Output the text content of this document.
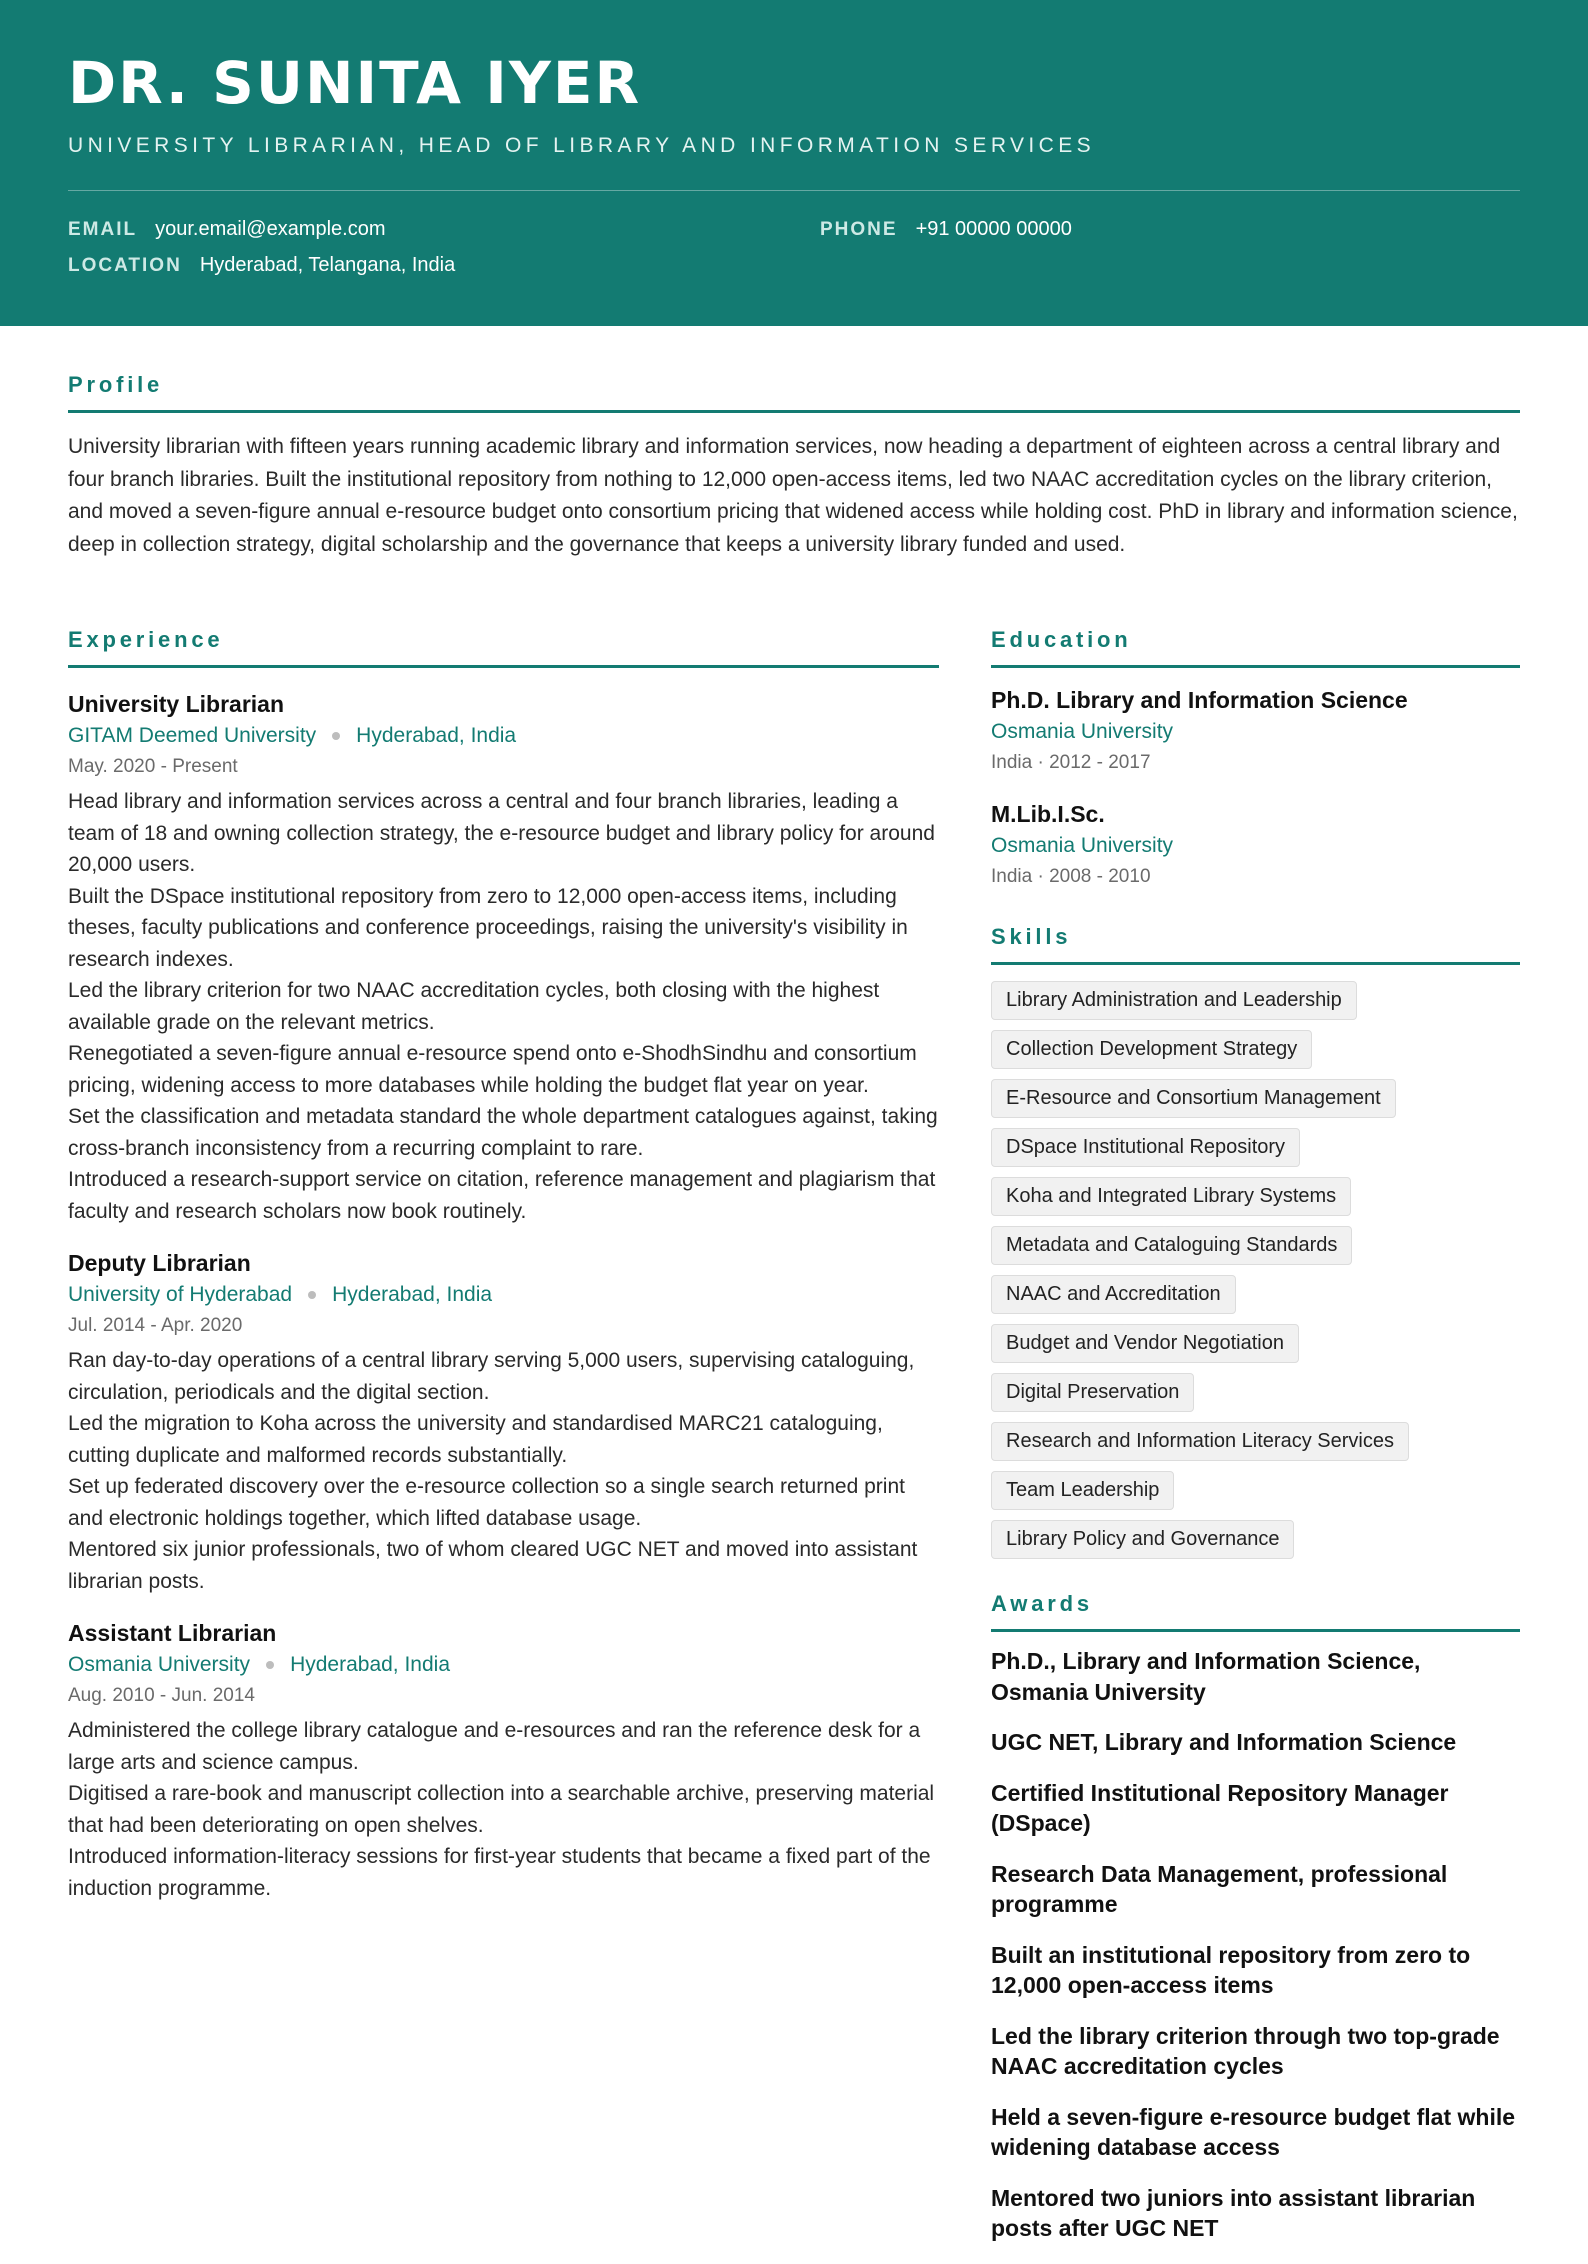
DR. SUNITA IYER
UNIVERSITY LIBRARIAN, HEAD OF LIBRARY AND INFORMATION SERVICES
EMAIL your.email@example.com	PHONE +91 00000 00000
LOCATION Hyderabad, Telangana, India
Profile

University librarian with fifteen years running academic library and information services, now heading a department of eighteen across a central library and four branch libraries. Built the institutional repository from nothing to 12,000 open-access items, led two NAAC accreditation cycles on the library criterion, and moved a seven-figure annual e-resource budget onto consortium pricing that widened access while holding cost. PhD in library and information science, deep in collection strategy, digital scholarship and the governance that keeps a university library funded and used.

Experience
University Librarian
GITAM Deemed University Hyderabad, India
May. 2020 - Present
Head library and information services across a central and four branch libraries, leading a team of 18 and owning collection strategy, the e-resource budget and library policy for around 20,000 users.
Built the DSpace institutional repository from zero to 12,000 open-access items, including theses, faculty publications and conference proceedings, raising the university's visibility in research indexes.
Led the library criterion for two NAAC accreditation cycles, both closing with the highest available grade on the relevant metrics.
Renegotiated a seven-figure annual e-resource spend onto e-ShodhSindhu and consortium pricing, widening access to more databases while holding the budget flat year on year.
Set the classification and metadata standard the whole department catalogues against, taking cross-branch inconsistency from a recurring complaint to rare.
Introduced a research-support service on citation, reference management and plagiarism that faculty and research scholars now book routinely.
Deputy Librarian
University of Hyderabad Hyderabad, India
Jul. 2014 - Apr. 2020
Ran day-to-day operations of a central library serving 5,000 users, supervising cataloguing, circulation, periodicals and the digital section.
Led the migration to Koha across the university and standardised MARC21 cataloguing, cutting duplicate and malformed records substantially.
Set up federated discovery over the e-resource collection so a single search returned print and electronic holdings together, which lifted database usage.
Mentored six junior professionals, two of whom cleared UGC NET and moved into assistant librarian posts.
Assistant Librarian
Osmania University Hyderabad, India
Aug. 2010 - Jun. 2014
Administered the college library catalogue and e-resources and ran the reference desk for a large arts and science campus.
Digitised a rare-book and manuscript collection into a searchable archive, preserving material that had been deteriorating on open shelves.
Introduced information-literacy sessions for first-year students that became a fixed part of the induction programme.
Education
Ph.D. Library and Information Science
Osmania University
India · 2012 - 2017
M.Lib.I.Sc.
Osmania University
India · 2008 - 2010
Skills
Library Administration and Leadership
Collection Development Strategy
E-Resource and Consortium Management
DSpace Institutional Repository
Koha and Integrated Library Systems
Metadata and Cataloguing Standards
NAAC and Accreditation
Budget and Vendor Negotiation
Digital Preservation
Research and Information Literacy Services
Team Leadership
Library Policy and Governance
Awards
Ph.D., Library and Information Science, Osmania University
UGC NET, Library and Information Science
Certified Institutional Repository Manager (DSpace)
Research Data Management, professional programme
Built an institutional repository from zero to 12,000 open-access items
Led the library criterion through two top-grade NAAC accreditation cycles
Held a seven-figure e-resource budget flat while widening database access
Mentored two juniors into assistant librarian posts after UGC NET
